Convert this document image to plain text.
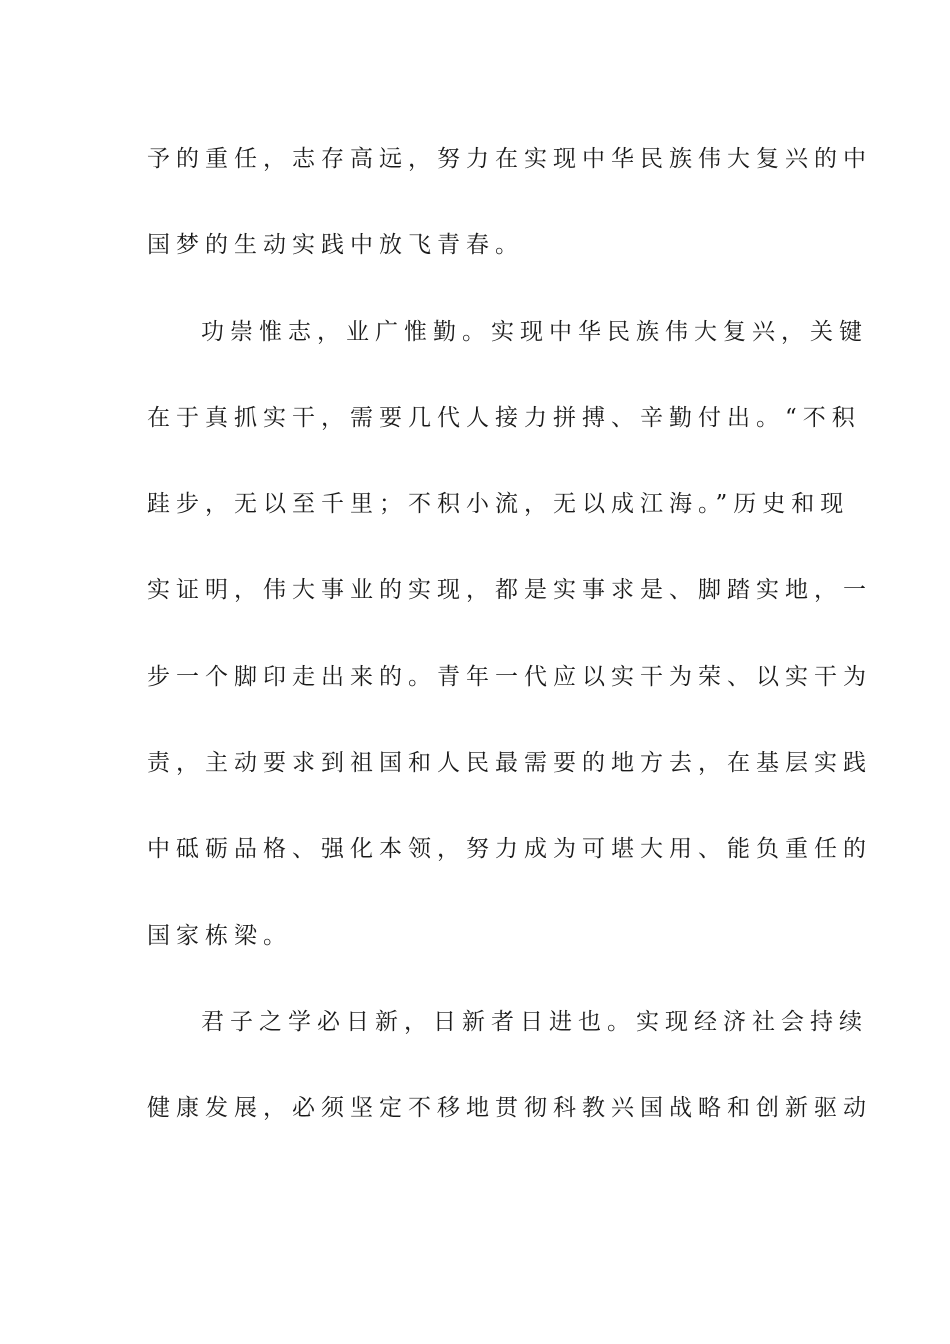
予的重任，志存高远，努力在实现中华民族伟大复兴的中
国梦的生动实践中放飞青春。
功崇惟志，业广惟勤。实现中华民族伟大复兴，关键
在于真抓实干，需要几代人接力拼搏、辛勤付出。“不积
跬步，无以至千里；不积小流，无以成江海。”历史和现
实证明，伟大事业的实现，都是实事求是、脚踏实地，一
步一个脚印走出来的。青年一代应以实干为荣、以实干为
责，主动要求到祖国和人民最需要的地方去，在基层实践
中砥砺品格、强化本领，努力成为可堪大用、能负重任的
国家栋梁。
君子之学必日新，日新者日进也。实现经济社会持续
健康发展，必须坚定不移地贯彻科教兴国战略和创新驱动
